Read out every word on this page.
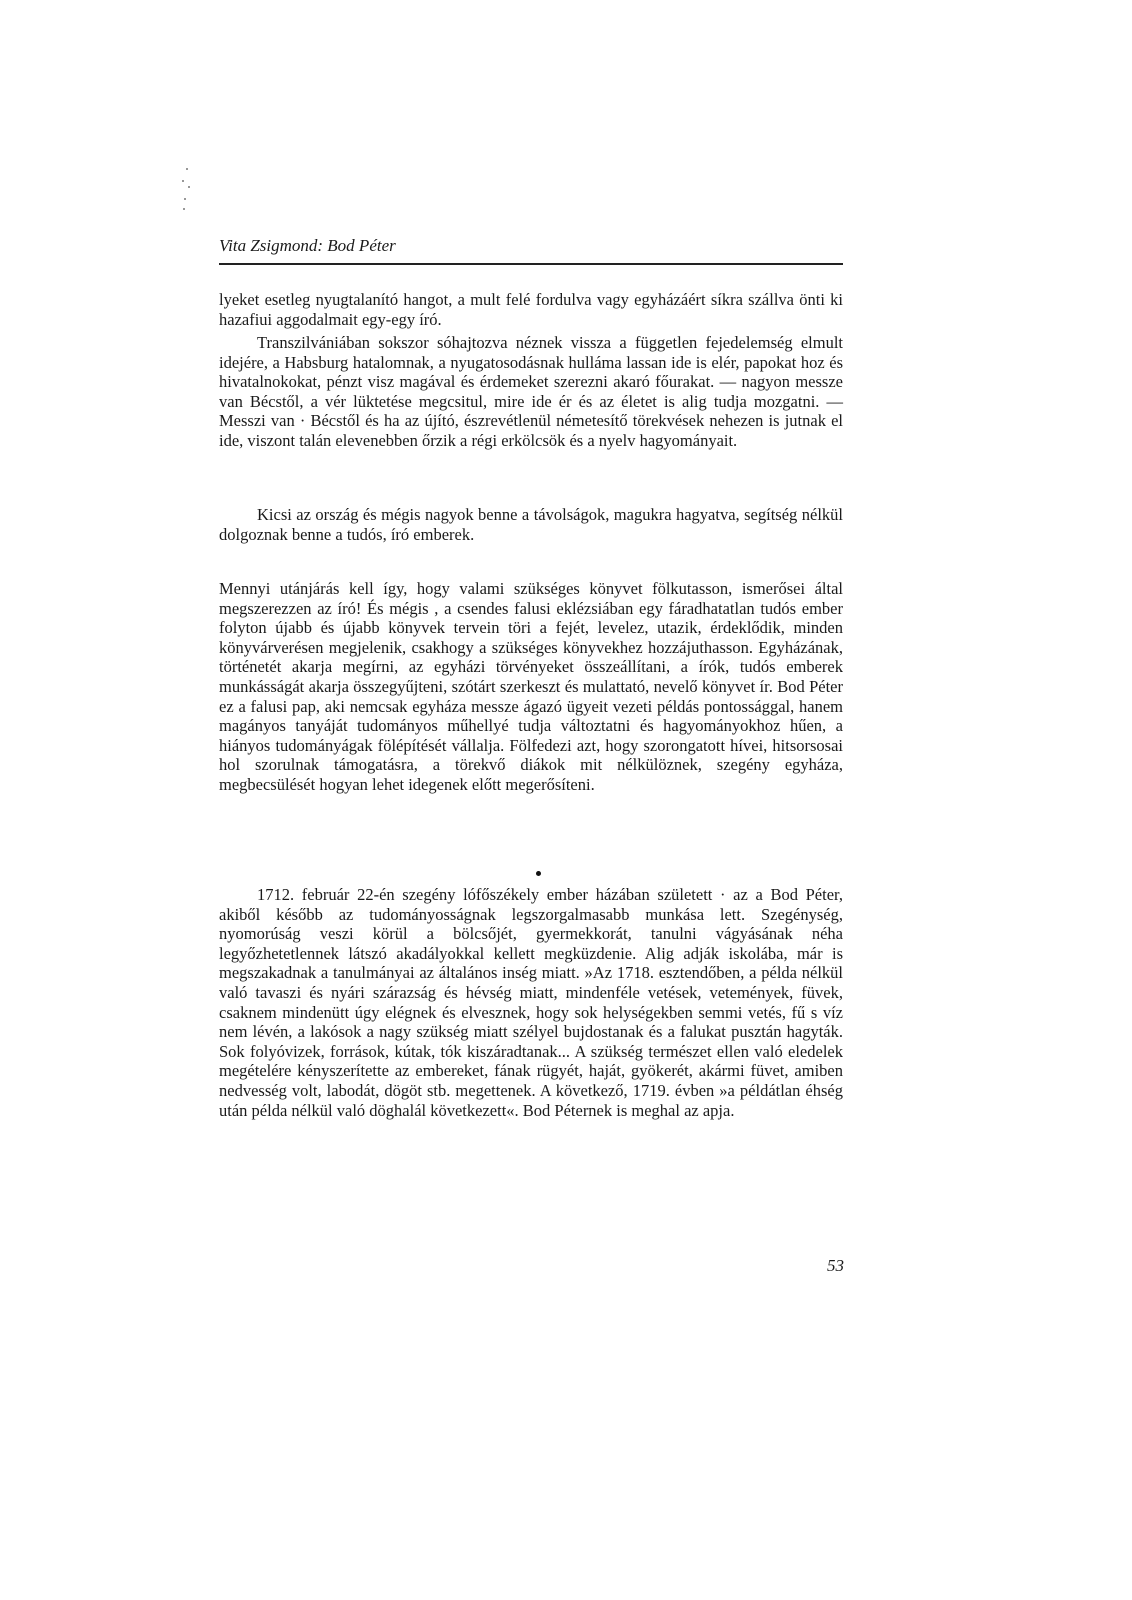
Vita Zsigmond: Bod Péter

lyeket esetleg nyugtalanító hangot, a mult felé fordulva vagy egyházáért síkra szállva önti ki hazafiui aggodalmait egy-egy író.

Transzilvániában sokszor sóhajtozva néznek vissza a független fejedelemség elmult idejére, a Habsburg hatalomnak, a nyugatosodásnak hulláma lassan ide is elér, papokat hoz és hivatalnokokat, pénzt visz magával és érdemeket szerezni akaró főurakat. — nagyon messze van Bécstől, a vér lüktetése megcsitul, mire ide ér és az életet is alig tudja mozgatni. — Messzi van · Bécstől és ha az újító, észrevétlenül németesítő törekvések nehezen is jutnak el ide, viszont talán elevenebben őrzik a régi erkölcsök és a nyelv hagyományait.

Kicsi az ország és mégis nagyok benne a távolságok, magukra hagyatva, segítség nélkül dolgoznak benne a tudós, író emberek.

Mennyi utánjárás kell így, hogy valami szükséges könyvet fölkutasson, ismerősei által megszerezzen az író! És mégis , a csendes falusi eklézsiában egy fáradhatatlan tudós ember folyton újabb és újabb könyvek tervein töri a fejét, levelez, utazik, érdeklődik, minden könyvárverésen megjelenik, csakhogy a szükséges könyvekhez hozzájuthasson. Egyházának, történetét akarja megírni, az egyházi törvényeket összeállítani, a írók, tudós emberek munkásságát akarja összegyűjteni, szótárt szerkeszt és mulattató, nevelő könyvet ír. Bod Péter ez a falusi pap, aki nemcsak egyháza messze ágazó ügyeit vezeti példás pontossággal, hanem magányos tanyáját tudományos műhellyé tudja változtatni és hagyományokhoz hűen, a hiányos tudományágak fölépítését vállalja. Fölfedezi azt, hogy szorongatott hívei, hitsorsosai hol szorulnak támogatásra, a törekvő diákok mit nélkülöznek, szegény egyháza, megbecsülését hogyan lehet idegenek előtt megerősíteni.

1712. február 22-én szegény lófőszékely ember házában született · az a Bod Péter, akiből később az tudományosságnak legszorgalmasabb munkása lett. Szegénység, nyomorúság veszi körül a bölcsőjét, gyermekkorát, tanulni vágyásának néha legyőzhetetlennek látszó akadályokkal kellett megküzdenie. Alig adják iskolába, már is megszakadnak a tanulmányai az általános inség miatt. »Az 1718. esztendőben, a példa nélkül való tavaszi és nyári szárazság és hévség miatt, mindenféle vetések, vetemények, füvek, csaknem mindenütt úgy elégnek és elvesznek, hogy sok helységekben semmi vetés, fű s víz nem lévén, a lakósok a nagy szükség miatt szélyel bujdostanak és a falukat pusztán hagyták. Sok folyóvizek, források, kútak, tók kiszáradtanak... A szükség természet ellen való eledelek megételére kényszerítette az embereket, fának rügyét, haját, gyökerét, akármi füvet, amiben nedvesség volt, labodát, dögöt stb. megettenek. A következő, 1719. évben »a példátlan éhség után példa nélkül való döghalál következett«. Bod Péternek is meghal az apja.

53
